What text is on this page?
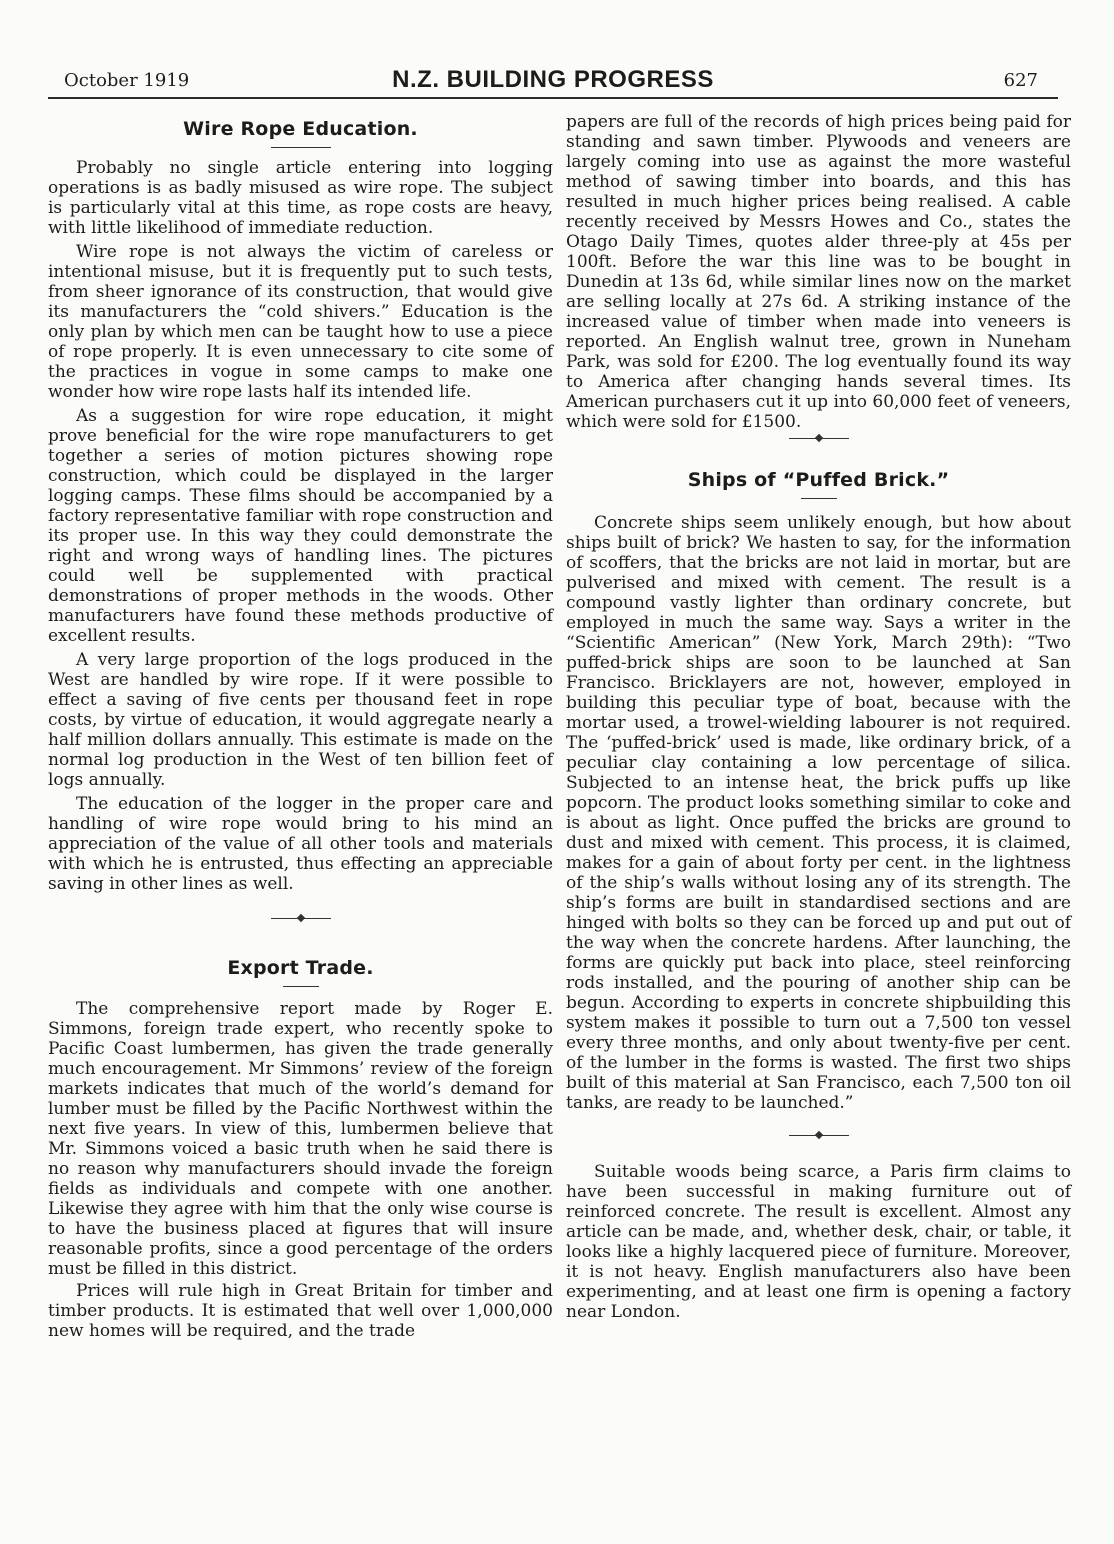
October 1919	N.Z. BUILDING PROGRESS	627
Wire Rope Education.

Probably no single article entering into logging operations is as badly misused as wire rope. The subject is particularly vital at this time, as rope costs are heavy, with little likelihood of immediate reduction.

Wire rope is not always the victim of careless or intentional misuse, but it is frequently put to such tests, from sheer ignorance of its construction, that would give its manufacturers the “cold shivers.” Education is the only plan by which men can be taught how to use a piece of rope properly. It is even unnecessary to cite some of the practices in vogue in some camps to make one wonder how wire rope lasts half its intended life.

As a suggestion for wire rope education, it might prove beneficial for the wire rope manufacturers to get together a series of motion pictures showing rope construction, which could be displayed in the larger logging camps. These films should be accompanied by a factory representative familiar with rope construction and its proper use. In this way they could demonstrate the right and wrong ways of handling lines. The pictures could well be supplemented with practical demonstrations of proper methods in the woods. Other manufacturers have found these methods productive of excellent results.

A very large proportion of the logs produced in the West are handled by wire rope. If it were possible to effect a saving of five cents per thousand feet in rope costs, by virtue of education, it would aggregate nearly a half million dollars annually. This estimate is made on the normal log production in the West of ten billion feet of logs annually.

The education of the logger in the proper care and handling of wire rope would bring to his mind an appreciation of the value of all other tools and materials with which he is entrusted, thus effecting an appreciable saving in other lines as well.

Export Trade.

The comprehensive report made by Roger E. Simmons, foreign trade expert, who recently spoke to Pacific Coast lumbermen, has given the trade generally much encouragement. Mr Simmons’ review of the foreign markets indicates that much of the world’s demand for lumber must be filled by the Pacific Northwest within the next five years. In view of this, lumbermen believe that Mr. Simmons voiced a basic truth when he said there is no reason why manufacturers should invade the foreign fields as individuals and compete with one another. Likewise they agree with him that the only wise course is to have the business placed at figures that will insure reasonable profits, since a good percentage of the orders must be filled in this district.

Prices will rule high in Great Britain for timber and timber products. It is estimated that well over 1,000,000 new homes will be required, and the trade

papers are full of the records of high prices being paid for standing and sawn timber. Plywoods and veneers are largely coming into use as against the more wasteful method of sawing timber into boards, and this has resulted in much higher prices being realised. A cable recently received by Messrs Howes and Co., states the Otago Daily Times, quotes alder three-ply at 45s per 100ft. Before the war this line was to be bought in Dunedin at 13s 6d, while similar lines now on the market are selling locally at 27s 6d. A striking instance of the increased value of timber when made into veneers is reported. An English walnut tree, grown in Nuneham Park, was sold for £200. The log eventually found its way to America after changing hands several times. Its American purchasers cut it up into 60,000 feet of veneers, which were sold for £1500.

Ships of “Puffed Brick.”

Concrete ships seem unlikely enough, but how about ships built of brick? We hasten to say, for the information of scoffers, that the bricks are not laid in mortar, but are pulverised and mixed with cement. The result is a compound vastly lighter than ordinary concrete, but employed in much the same way. Says a writer in the “Scientific American” (New York, March 29th): “Two puffed-brick ships are soon to be launched at San Francisco. Bricklayers are not, however, employed in building this peculiar type of boat, because with the mortar used, a trowel-wielding labourer is not required. The ‘puffed-brick’ used is made, like ordinary brick, of a peculiar clay containing a low percentage of silica. Subjected to an intense heat, the brick puffs up like popcorn. The product looks something similar to coke and is about as light. Once puffed the bricks are ground to dust and mixed with cement. This process, it is claimed, makes for a gain of about forty per cent. in the lightness of the ship’s walls without losing any of its strength. The ship’s forms are built in standardised sections and are hinged with bolts so they can be forced up and put out of the way when the concrete hardens. After launching, the forms are quickly put back into place, steel reinforcing rods installed, and the pouring of another ship can be begun. According to experts in concrete shipbuilding this system makes it possible to turn out a 7,500 ton vessel every three months, and only about twenty-five per cent. of the lumber in the forms is wasted. The first two ships built of this material at San Francisco, each 7,500 ton oil tanks, are ready to be launched.”

Suitable woods being scarce, a Paris firm claims to have been successful in making furniture out of reinforced concrete. The result is excellent. Almost any article can be made, and, whether desk, chair, or table, it looks like a highly lacquered piece of furniture. Moreover, it is not heavy. English manufacturers also have been experimenting, and at least one firm is opening a factory near London.
